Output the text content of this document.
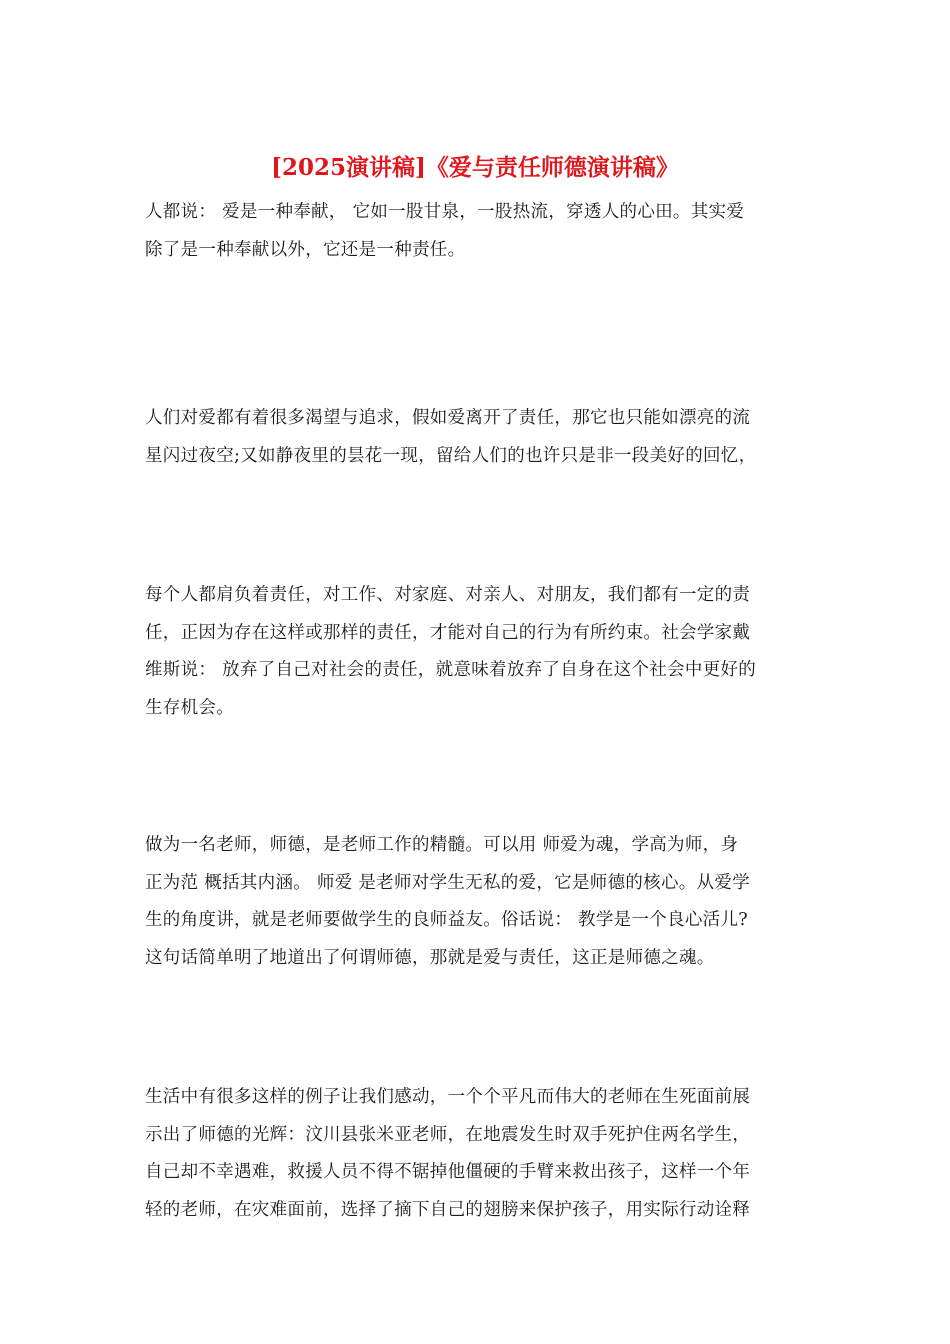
[2025演讲稿]《爱与责任师德演讲稿》
人都说： 爱是一种奉献， 它如一股甘泉，一股热流，穿透人的心田。其实爱
除了是一种奉献以外，它还是一种责任。
人们对爱都有着很多渴望与追求，假如爱离开了责任，那它也只能如漂亮的流
星闪过夜空;又如静夜里的昙花一现，留给人们的也许只是非一段美好的回忆，
每个人都肩负着责任，对工作、对家庭、对亲人、对朋友，我们都有一定的责
任，正因为存在这样或那样的责任，才能对自己的行为有所约束。社会学家戴
维斯说： 放弃了自己对社会的责任，就意味着放弃了自身在这个社会中更好的
生存机会。
做为一名老师，师德，是老师工作的精髓。可以用 师爱为魂，学高为师，身
正为范 概括其内涵。 师爱 是老师对学生无私的爱，它是师德的核心。从爱学
生的角度讲，就是老师要做学生的良师益友。俗话说： 教学是一个良心活儿?
这句话简单明了地道出了何谓师德，那就是爱与责任，这正是师德之魂。
生活中有很多这样的例子让我们感动，一个个平凡而伟大的老师在生死面前展
示出了师德的光辉：汶川县张米亚老师，在地震发生时双手死护住两名学生，
自己却不幸遇难，救援人员不得不锯掉他僵硬的手臂来救出孩子，这样一个年
轻的老师，在灾难面前，选择了摘下自己的翅膀来保护孩子，用实际行动诠释
